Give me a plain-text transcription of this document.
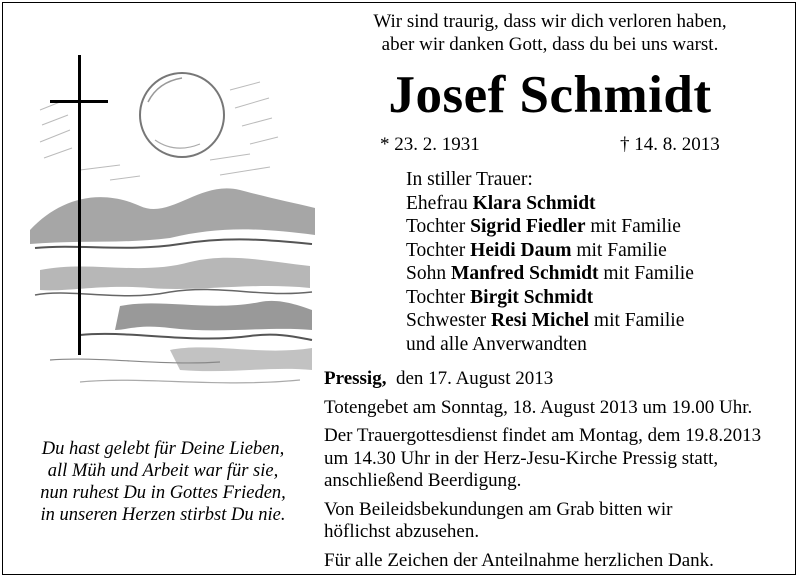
Du hast gelebt für Deine Lieben,
all Müh und Arbeit war für sie,
nun ruhest Du in Gottes Frieden,
in unseren Herzen stirbst Du nie.
Wir sind traurig, dass wir dich verloren haben,
aber wir danken Gott, dass du bei uns warst.
Josef Schmidt
* 23. 2. 1931	† 14. 8. 2013
In stiller Trauer:
Ehefrau Klara Schmidt
Tochter Sigrid Fiedler mit Familie
Tochter Heidi Daum mit Familie
Sohn Manfred Schmidt mit Familie
Tochter Birgit Schmidt
Schwester Resi Michel mit Familie
und alle Anverwandten
Pressig, den 17. August 2013
Totengebet am Sonntag, 18. August 2013 um 19.00 Uhr.
Der Trauergottesdienst findet am Montag, dem 19.8.2013
um 14.30 Uhr in der Herz-Jesu-Kirche Pressig statt,
anschließend Beerdigung.
Von Beileidsbekundungen am Grab bitten wir
höflichst abzusehen.
Für alle Zeichen der Anteilnahme herzlichen Dank.
